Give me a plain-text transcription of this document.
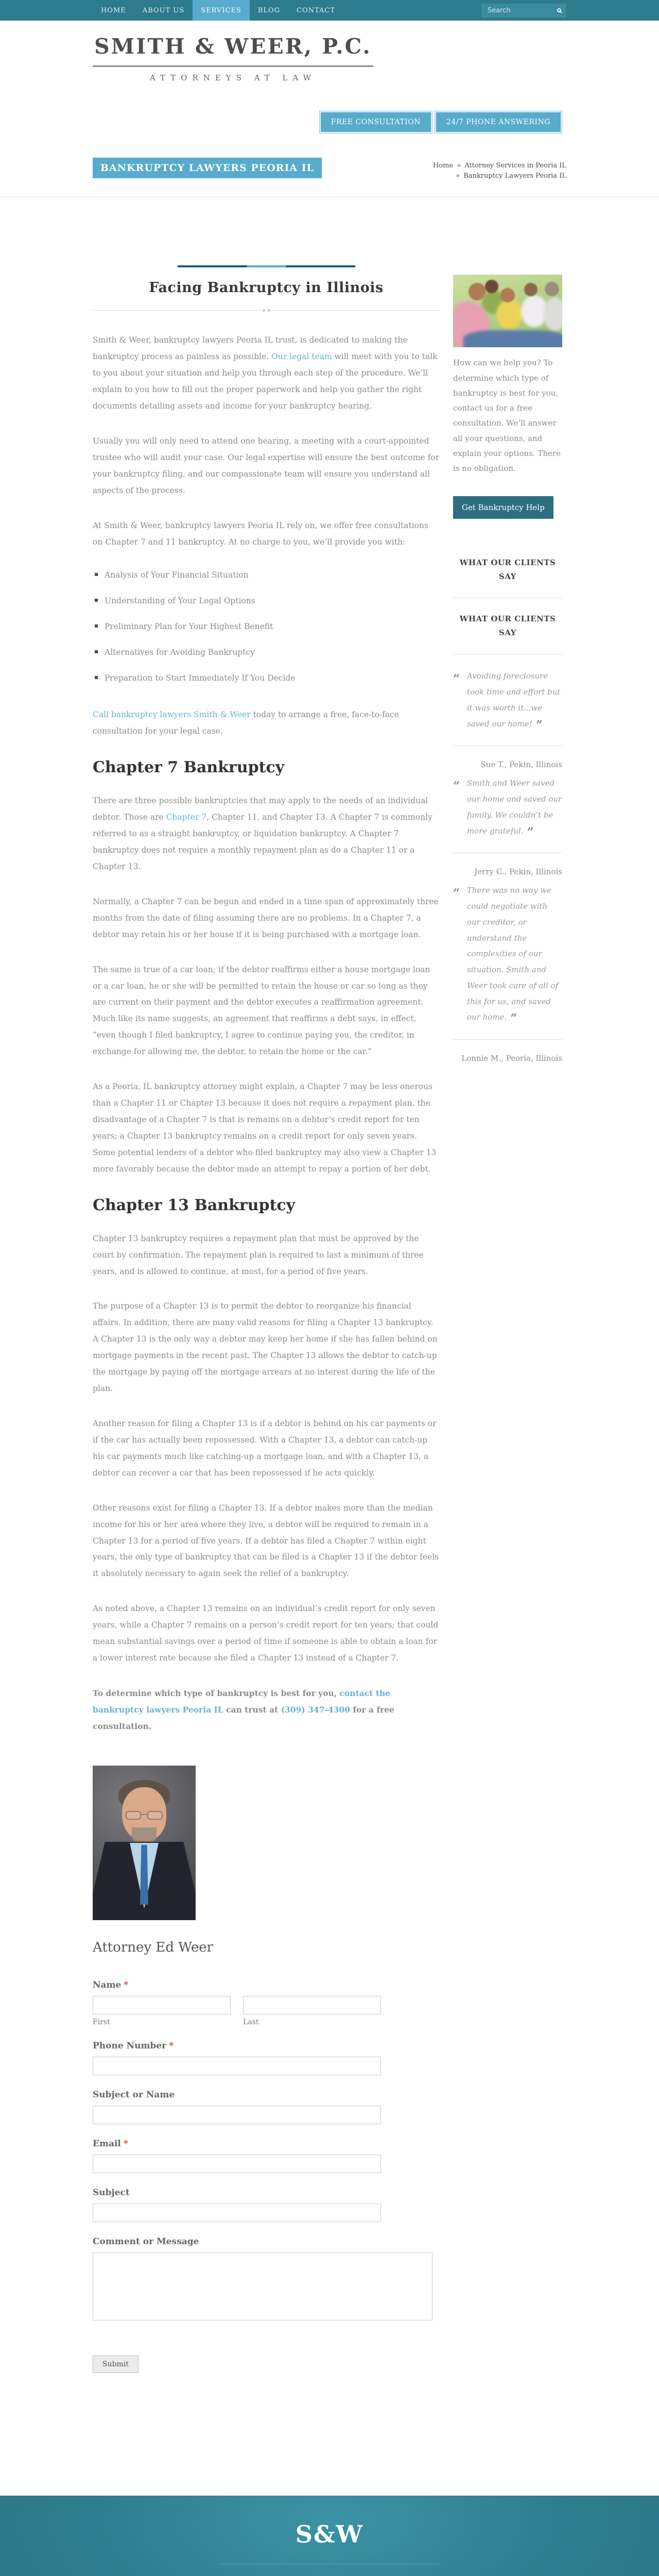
HOME	ABOUT US	SERVICES	BLOG	CONTACT
Search
SMITH & WEER, P.C.
ATTORNEYS AT LAW
FREE CONSULTATION	24/7 PHONE ANSWERING
BANKRUPTCY LAWYERS PEORIA IL	Home » Attorney Services in Peoria IL
» Bankruptcy Lawyers Peoria IL
Facing Bankruptcy in Illinois

Smith & Weer, bankruptcy lawyers Peoria IL trust, is dedicated to making the bankruptcy process as painless as possible. Our legal team will meet with you to talk to you about your situation and help you through each step of the procedure. We’ll explain to you how to fill out the proper paperwork and help you gather the right documents detailing assets and income for your bankruptcy hearing.

Usually you will only need to attend one hearing, a meeting with a court-appointed trustee who will audit your case. Our legal expertise will ensure the best outcome for your bankruptcy filing, and our compassionate team will ensure you understand all aspects of the process.

At Smith & Weer, bankruptcy lawyers Peoria IL rely on, we offer free consultations on Chapter 7 and 11 bankruptcy. At no charge to you, we’ll provide you with:

Analysis of Your Financial Situation
Understanding of Your Legal Options
Preliminary Plan for Your Highest Benefit
Alternatives for Avoiding Bankruptcy
Preparation to Start Immediately If You Decide

Call bankruptcy lawyers Smith & Weer today to arrange a free, face-to-face consultation for your legal case.

Chapter 7 Bankruptcy

There are three possible bankruptcies that may apply to the needs of an individual debtor. Those are Chapter 7, Chapter 11, and Chapter 13. A Chapter 7 is commonly referred to as a straight bankruptcy, or liquidation bankruptcy. A Chapter 7 bankruptcy does not require a monthly repayment plan as do a Chapter 11 or a Chapter 13.

Normally, a Chapter 7 can be begun and ended in a time span of approximately three months from the date of filing assuming there are no problems. In a Chapter 7, a debtor may retain his or her house if it is being purchased with a mortgage loan.

The same is true of a car loan; if the debtor reaffirms either a house mortgage loan or a car loan, he or she will be permitted to retain the house or car so long as they are current on their payment and the debtor executes a reaffirmation agreement. Much like its name suggests, an agreement that reaffirms a debt says, in effect, “even though I filed bankruptcy, I agree to continue paying you, the creditor, in exchange for allowing me, the debtor, to retain the home or the car.”

As a Peoria, IL bankruptcy attorney might explain, a Chapter 7 may be less onerous than a Chapter 11 or Chapter 13 because it does not require a repayment plan, the disadvantage of a Chapter 7 is that is remains on a debtor’s credit report for ten years; a Chapter 13 bankruptcy remains on a credit report for only seven years. Some potential lenders of a debtor who filed bankruptcy may also view a Chapter 13 more favorably because the debtor made an attempt to repay a portion of her debt.

Chapter 13 Bankruptcy

Chapter 13 bankruptcy requires a repayment plan that must be approved by the court by confirmation. The repayment plan is required to last a minimum of three years, and is allowed to continue, at most, for a period of five years.

The purpose of a Chapter 13 is to permit the debtor to reorganize his financial affairs. In addition, there are many valid reasons for filing a Chapter 13 bankruptcy. A Chapter 13 is the only way a debtor may keep her home if she has fallen behind on mortgage payments in the recent past. The Chapter 13 allows the debtor to catch-up the mortgage by paying off the mortgage arrears at no interest during the life of the plan.

Another reason for filing a Chapter 13 is if a debtor is behind on his car payments or if the car has actually been repossessed. With a Chapter 13, a debtor can catch-up his car payments much like catching-up a mortgage loan, and with a Chapter 13, a debtor can recover a car that has been repossessed if he acts quickly.

Other reasons exist for filing a Chapter 13. If a debtor makes more than the median income for his or her area where they live, a debtor will be required to remain in a Chapter 13 for a period of five years. If a debtor has filed a Chapter 7 within eight years, the only type of bankruptcy that can be filed is a Chapter 13 if the debtor feels it absolutely necessary to again seek the relief of a bankruptcy.

As noted above, a Chapter 13 remains on an individual’s credit report for only seven years, while a Chapter 7 remains on a person’s credit report for ten years; that could mean substantial savings over a period of time if someone is able to obtain a loan for a lower interest rate because she filed a Chapter 13 instead of a Chapter 7.

To determine which type of bankruptcy is best for you, contact the bankruptcy lawyers Peoria IL can trust at (309) 347-4300 for a free consultation.

Attorney Ed Weer
Name *
First	Last
Phone Number *
Subject or Name
Email *
Subject
Comment or Message
Submit

How can we help you? To determine which type of bankruptcy is best for you, contact us for a free consultation. We’ll answer all your questions, and explain your options. There is no obligation.

Get Bankruptcy Help
WHAT OUR CLIENTS SAY
WHAT OUR CLIENTS SAY
Avoiding foreclosure took time and effort but it was worth it...we saved our home! ”
Sue T., Pekin, Illinois
Smith and Weer saved our home and saved our family. We couldn’t be more grateful. ”
Jerry C., Pekin, Illinois
There was no way we could negotiate with our creditor, or understand the complexities of our situation. Smith and Weer took care of all of this for us, and saved our home. ”
Lonnie M., Peoria, Illinois
S&W
